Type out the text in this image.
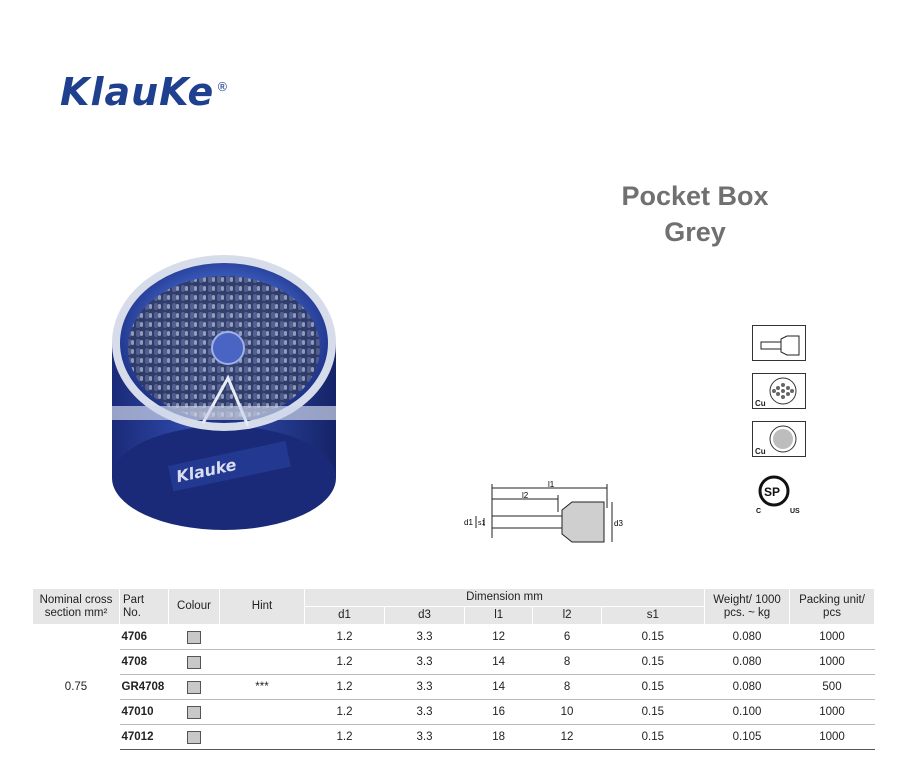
KlauKe ®
Pocket Box
Grey
Klauke	l1
l2
d1 s1	d3
Cu
Cu
SP
C	US
Nominal cross section mm²	Part No.	Colour	Hint	Dimension mm					Weight/ 1000 pcs. ~ kg	Packing unit/ pcs
				d1	d3	l1	l2	s1		
0.75	4706			1.2	3.3	12	6	0.15	0.080	1000
	4708			1.2	3.3	14	8	0.15	0.080	1000
	GR4708		***	1.2	3.3	14	8	0.15	0.080	500
	47010			1.2	3.3	16	10	0.15	0.100	1000
	47012			1.2	3.3	18	12	0.15	0.105	1000
